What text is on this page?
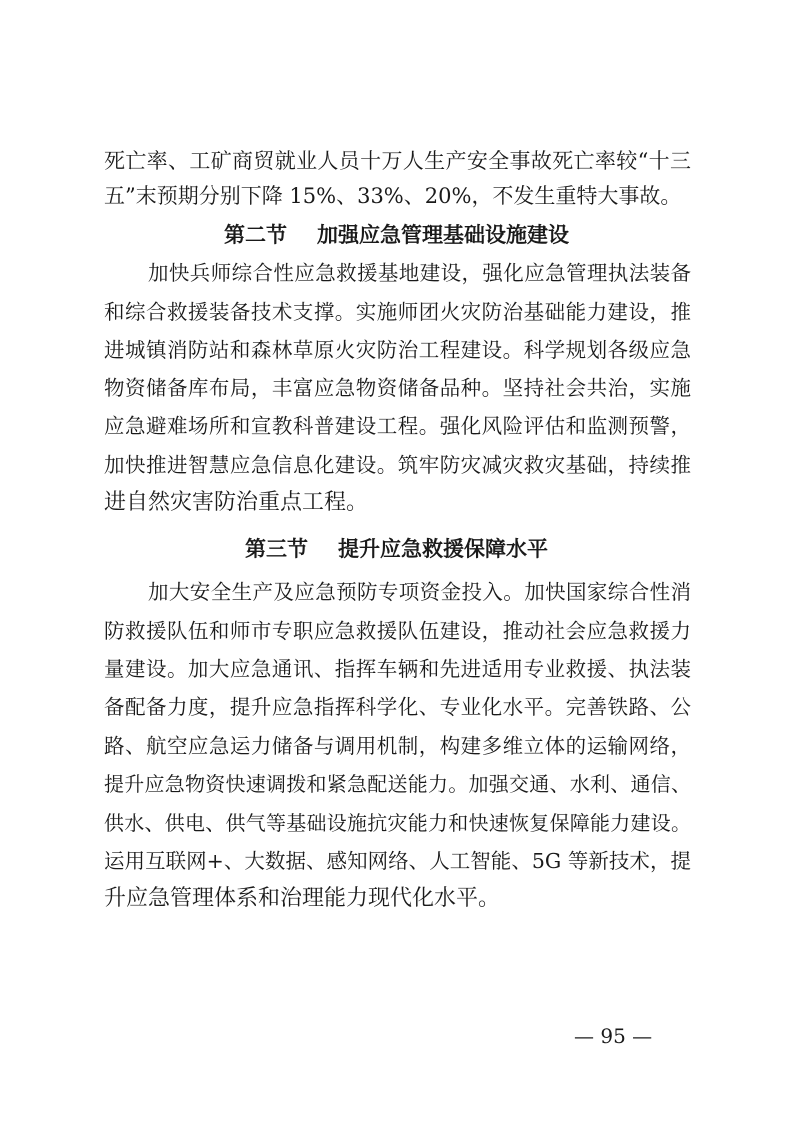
死亡率、工矿商贸就业人员十万人生产安全事故死亡率较“十三
五”末预期分别下降 15%、33%、20%，不发生重特大事故。
第二节 加强应急管理基础设施建设
加快兵师综合性应急救援基地建设，强化应急管理执法装备
和综合救援装备技术支撑。实施师团火灾防治基础能力建设，推
进城镇消防站和森林草原火灾防治工程建设。科学规划各级应急
物资储备库布局，丰富应急物资储备品种。坚持社会共治，实施
应急避难场所和宣教科普建设工程。强化风险评估和监测预警，
加快推进智慧应急信息化建设。筑牢防灾减灾救灾基础，持续推
进自然灾害防治重点工程。
第三节 提升应急救援保障水平
加大安全生产及应急预防专项资金投入。加快国家综合性消
防救援队伍和师市专职应急救援队伍建设，推动社会应急救援力
量建设。加大应急通讯、指挥车辆和先进适用专业救援、执法装
备配备力度，提升应急指挥科学化、专业化水平。完善铁路、公
路、航空应急运力储备与调用机制，构建多维立体的运输网络，
提升应急物资快速调拨和紧急配送能力。加强交通、水利、通信、
供水、供电、供气等基础设施抗灾能力和快速恢复保障能力建设。
运用互联网+、大数据、感知网络、人工智能、5G 等新技术，提
升应急管理体系和治理能力现代化水平。
— 95 —
